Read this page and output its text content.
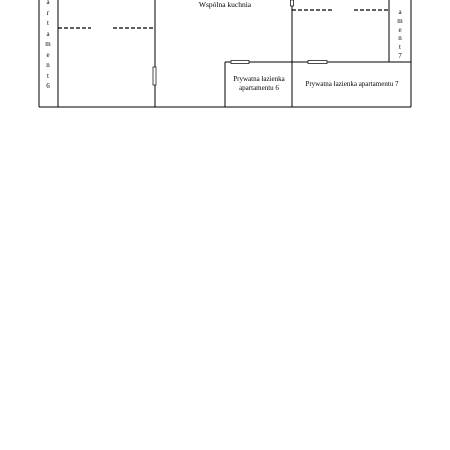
a
r
t
a
m
e
n
t
6
Wspólna kuchnia
Prywatna łazienka
apartamentu 6	Prywatna łazienka apartamentu 7
a
m
e
n
t
7
